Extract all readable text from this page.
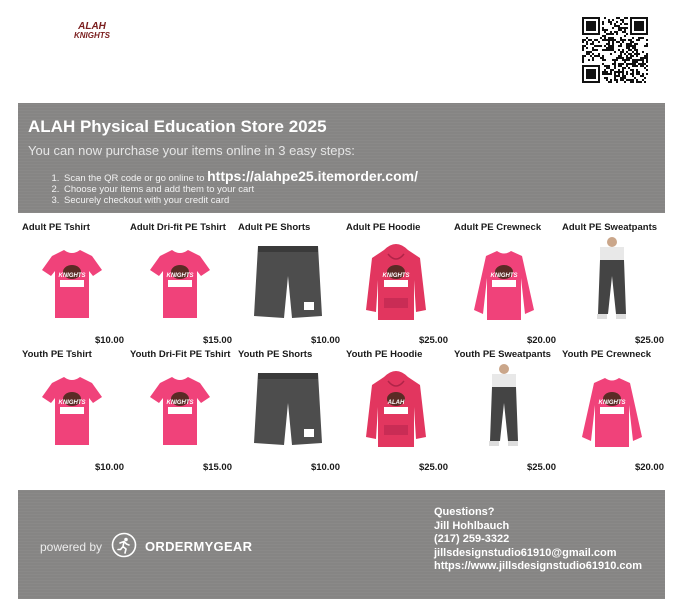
ALAH
KNIGHTS
ALAH Physical Education Store 2025
You can now purchase your items online in 3 easy steps:
1. Scan the QR code or go online to https://alahpe25.itemorder.com/
2. Choose your items and add them to your cart
3. Securely checkout with your credit card
Adult PE Tshirt
KNIGHTS
$10.00
Adult Dri-fit PE Tshirt
KNIGHTS
$15.00
Adult PE Shorts
$10.00
Adult PE Hoodie
KNIGHTS
$25.00
Adult PE Crewneck
KNIGHTS
$20.00
Adult PE Sweatpants
$25.00
Youth PE Tshirt
KNIGHTS
$10.00
Youth Dri-Fit PE Tshirt
KNIGHTS
$15.00
Youth PE Shorts
$10.00
Youth PE Hoodie
ALAH
$25.00
Youth PE Sweatpants
$25.00
Youth PE Crewneck
KNIGHTS
$20.00
powered by	ORDERMYGEAR
Questions?
Jill Hohlbauch
(217) 259-3322
jillsdesignstudio61910@gmail.com
https://www.jillsdesignstudio61910.com
